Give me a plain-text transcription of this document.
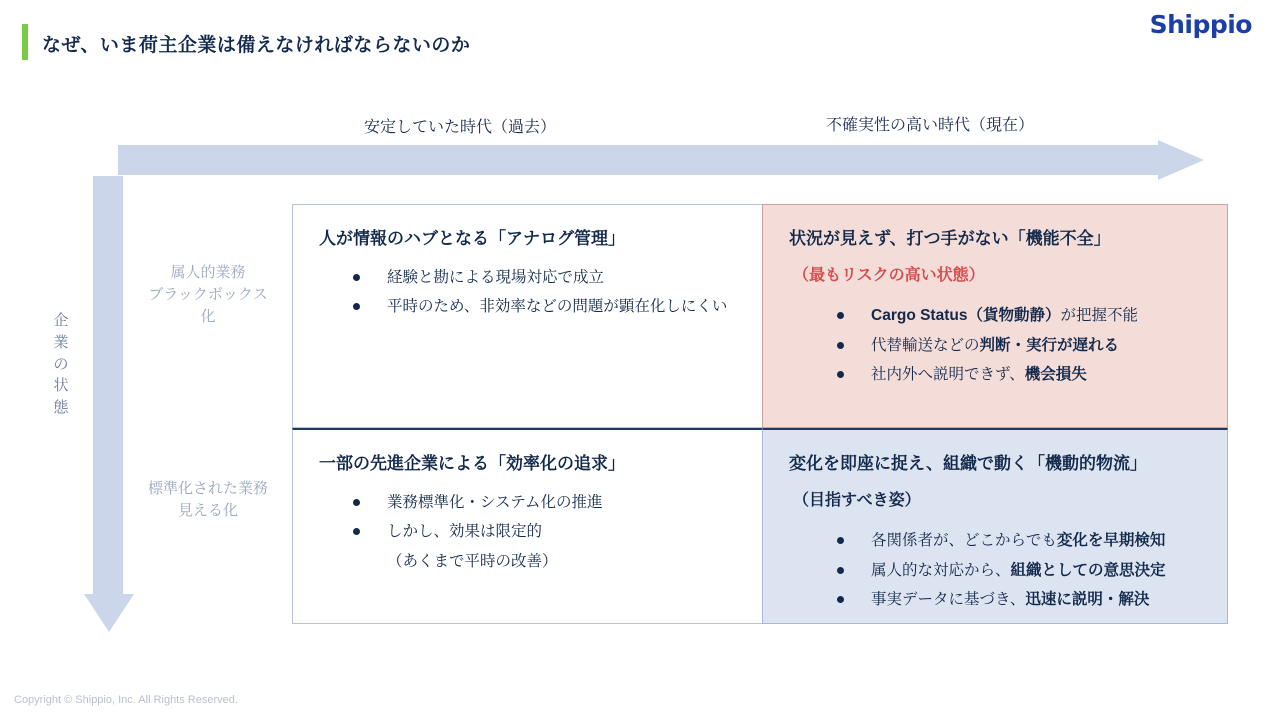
なぜ、いま荷主企業は備えなければならないのか
Shippio
安定していた時代（過去）	不確実性の高い時代（現在）
企
業
の
状
態
属人的業務
ブラックボックス
化
標準化された業務
見える化
人が情報のハブとなる「アナログ管理」
経験と勘による現場対応で成立
平時のため、非効率などの問題が顕在化しにくい
状況が見えず、打つ手がない「機能不全」
（最もリスクの高い状態）
Cargo Status（貨物動静）が把握不能
代替輸送などの判断・実行が遅れる
社内外へ説明できず、機会損失
一部の先進企業による「効率化の追求」
業務標準化・システム化の推進
しかし、効果は限定的
（あくまで平時の改善）
変化を即座に捉え、組織で動く「機動的物流」
（目指すべき姿）
各関係者が、どこからでも変化を早期検知
属人的な対応から、組織としての意思決定
事実データに基づき、迅速に説明・解決
Copyright © Shippio, Inc. All Rights Reserved.
